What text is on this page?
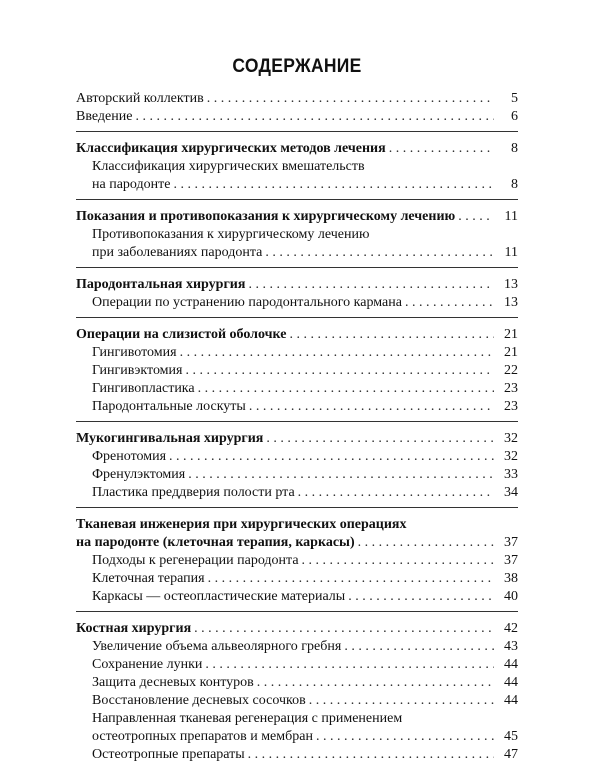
СОДЕРЖАНИЕ
Авторский коллектив . . .	5
Введение . . .	6
Классификация хирургических методов лечения . . .	8
Классификация хирургических вмешательств
на пародонте . . .	8
Показания и противопоказания к хирургическому лечению . . .	11
Противопоказания к хирургическому лечению
при заболеваниях пародонта . . .	11
Пародонтальная хирургия . . .	13
Операции по устранению пародонтального кармана . . .	13
Операции на слизистой оболочке . . .	21
Гингивотомия . . .	21
Гингивэктомия . . .	22
Гингивопластика . . .	23
Пародонтальные лоскуты . . .	23
Мукогингивальная хирургия . . .	32
Френотомия . . .	32
Френулэктомия . . .	33
Пластика преддверия полости рта . . .	34
Тканевая инженерия при хирургических операциях
на пародонте (клеточная терапия, каркасы) . . .	37
Подходы к регенерации пародонта . . .	37
Клеточная терапия . . .	38
Каркасы — остеопластические материалы . . .	40
Костная хирургия . . .	42
Увеличение объема альвеолярного гребня . . .	43
Сохранение лунки . . .	44
Защита десневых контуров . . .	44
Восстановление десневых сосочков . . .	44
Направленная тканевая регенерация с применением
остеотропных препаратов и мембран . . .	45
Остеотропные препараты . . .	47
